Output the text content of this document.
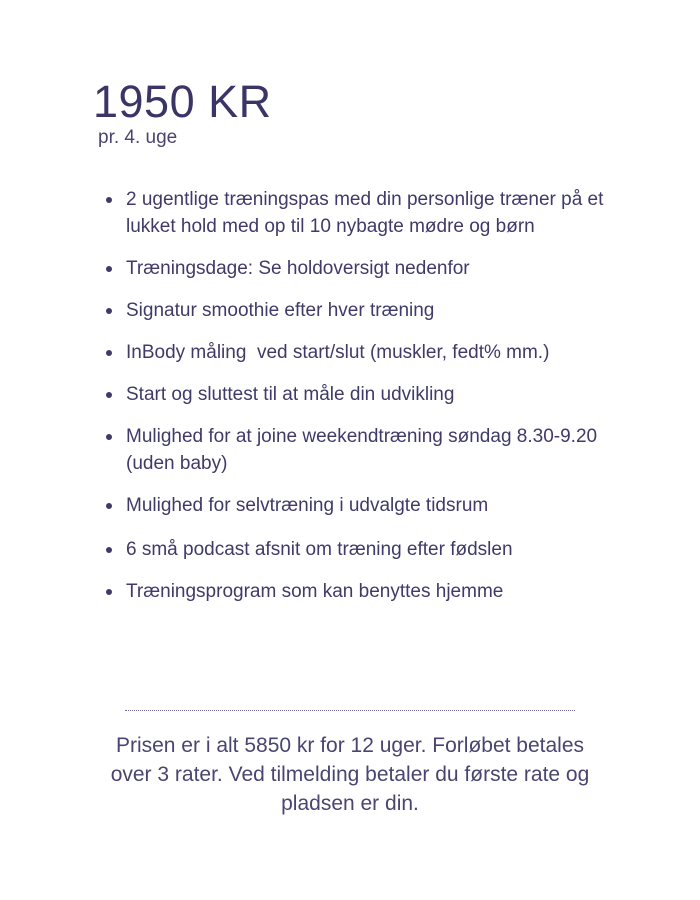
1950 KR
pr. 4. uge
2 ugentlige træningspas med din personlige træner på et lukket hold med op til 10 nybagte mødre og børn
Træningsdage: Se holdoversigt nedenfor
Signatur smoothie efter hver træning
InBody måling  ved start/slut (muskler, fedt% mm.)
Start og sluttest til at måle din udvikling
Mulighed for at joine weekendtræning søndag 8.30-9.20 (uden baby)
Mulighed for selvtræning i udvalgte tidsrum
6 små podcast afsnit om træning efter fødslen
Træningsprogram som kan benyttes hjemme
Prisen er i alt 5850 kr for 12 uger. Forløbet betales over 3 rater. Ved tilmelding betaler du første rate og pladsen er din.
